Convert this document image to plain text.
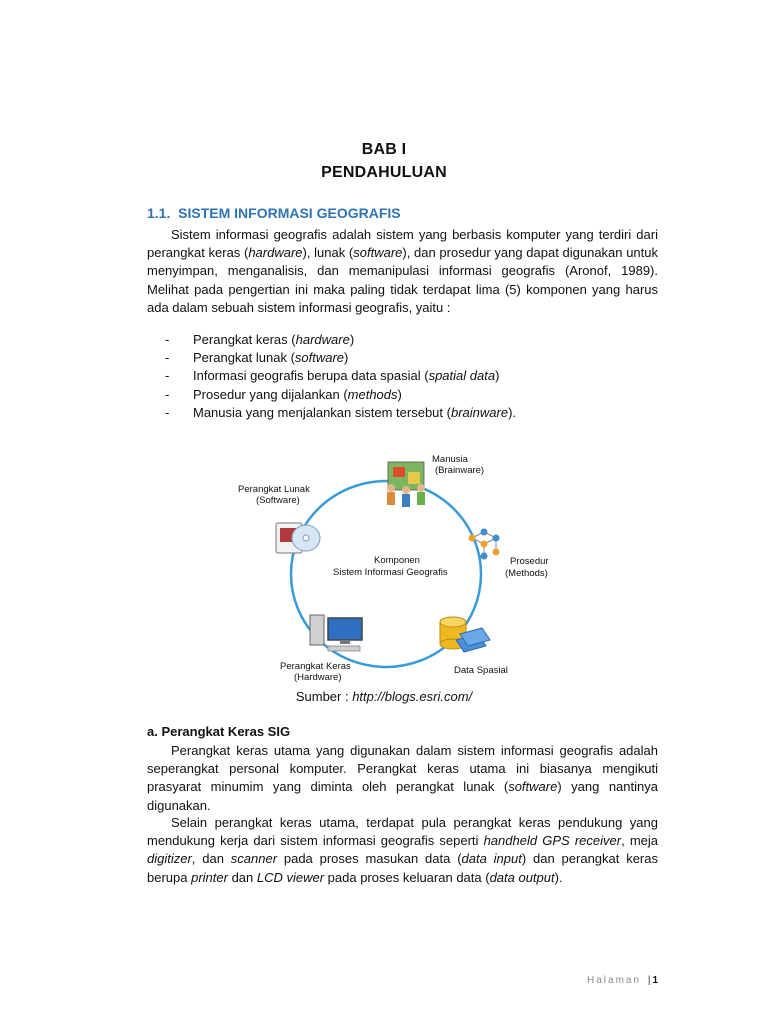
BAB I
PENDAHULUAN
1.1. SISTEM INFORMASI GEOGRAFIS
Sistem informasi geografis adalah sistem yang berbasis komputer yang terdiri dari perangkat keras (hardware), lunak (software), dan prosedur yang dapat digunakan untuk menyimpan, menganalisis, dan memanipulasi informasi geografis (Aronof, 1989). Melihat pada pengertian ini maka paling tidak terdapat lima (5) komponen yang harus ada dalam sebuah sistem informasi geografis, yaitu :
- Perangkat keras (hardware)
- Perangkat lunak (software)
- Informasi geografis berupa data spasial (spatial data)
- Prosedur yang dijalankan (methods)
- Manusia yang menjalankan sistem tersebut (brainware).
Manusia
(Brainware)
Perangkat Lunak
(Software)
Prosedur
(Methods)
Komponen
Sistem Informasi Geografis
Perangkat Keras
(Hardware)
Data Spasial
Sumber : http://blogs.esri.com/
a. Perangkat Keras SIG
Perangkat keras utama yang digunakan dalam sistem informasi geografis adalah seperangkat personal komputer. Perangkat keras utama ini biasanya mengikuti prasyarat minumim yang diminta oleh perangkat lunak (software) yang nantinya digunakan.
Selain perangkat keras utama, terdapat pula perangkat keras pendukung yang mendukung kerja dari sistem informasi geografis seperti handheld GPS receiver, meja digitizer, dan scanner pada proses masukan data (data input) dan perangkat keras berupa printer dan LCD viewer pada proses keluaran data (data output).
Halaman | 1
